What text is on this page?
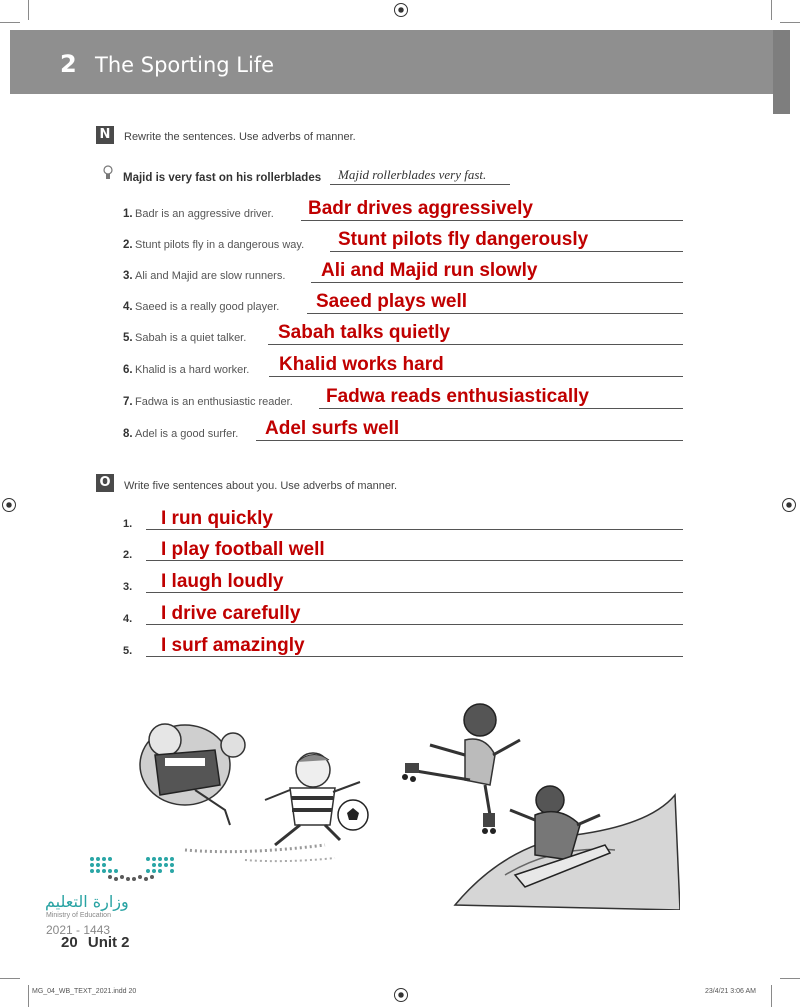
2 The Sporting Life
N	Rewrite the sentences. Use adverbs of manner.
Majid is very fast on his rollerblades Majid rollerblades very fast.
1. Badr is an aggressive driver. Badr drives aggressively
2. Stunt pilots fly in a dangerous way. Stunt pilots fly dangerously
3. Ali and Majid are slow runners. Ali and Majid run slowly
4. Saeed is a really good player. Saeed plays well
5. Sabah is a quiet talker. Sabah talks quietly
6. Khalid is a hard worker. Khalid works hard
7. Fadwa is an enthusiastic reader. Fadwa reads enthusiastically
8. Adel is a good surfer. Adel surfs well
O	Write five sentences about you. Use adverbs of manner.
1. I run quickly
2. I play football well
3. I laugh loudly
4. I drive carefully
5. I surf amazingly
وزارة التعليم
Ministry of Education
2021 - 1443
20 Unit 2
MG_04_WB_TEXT_2021.indd 20	23/4/21 3:06 AM
